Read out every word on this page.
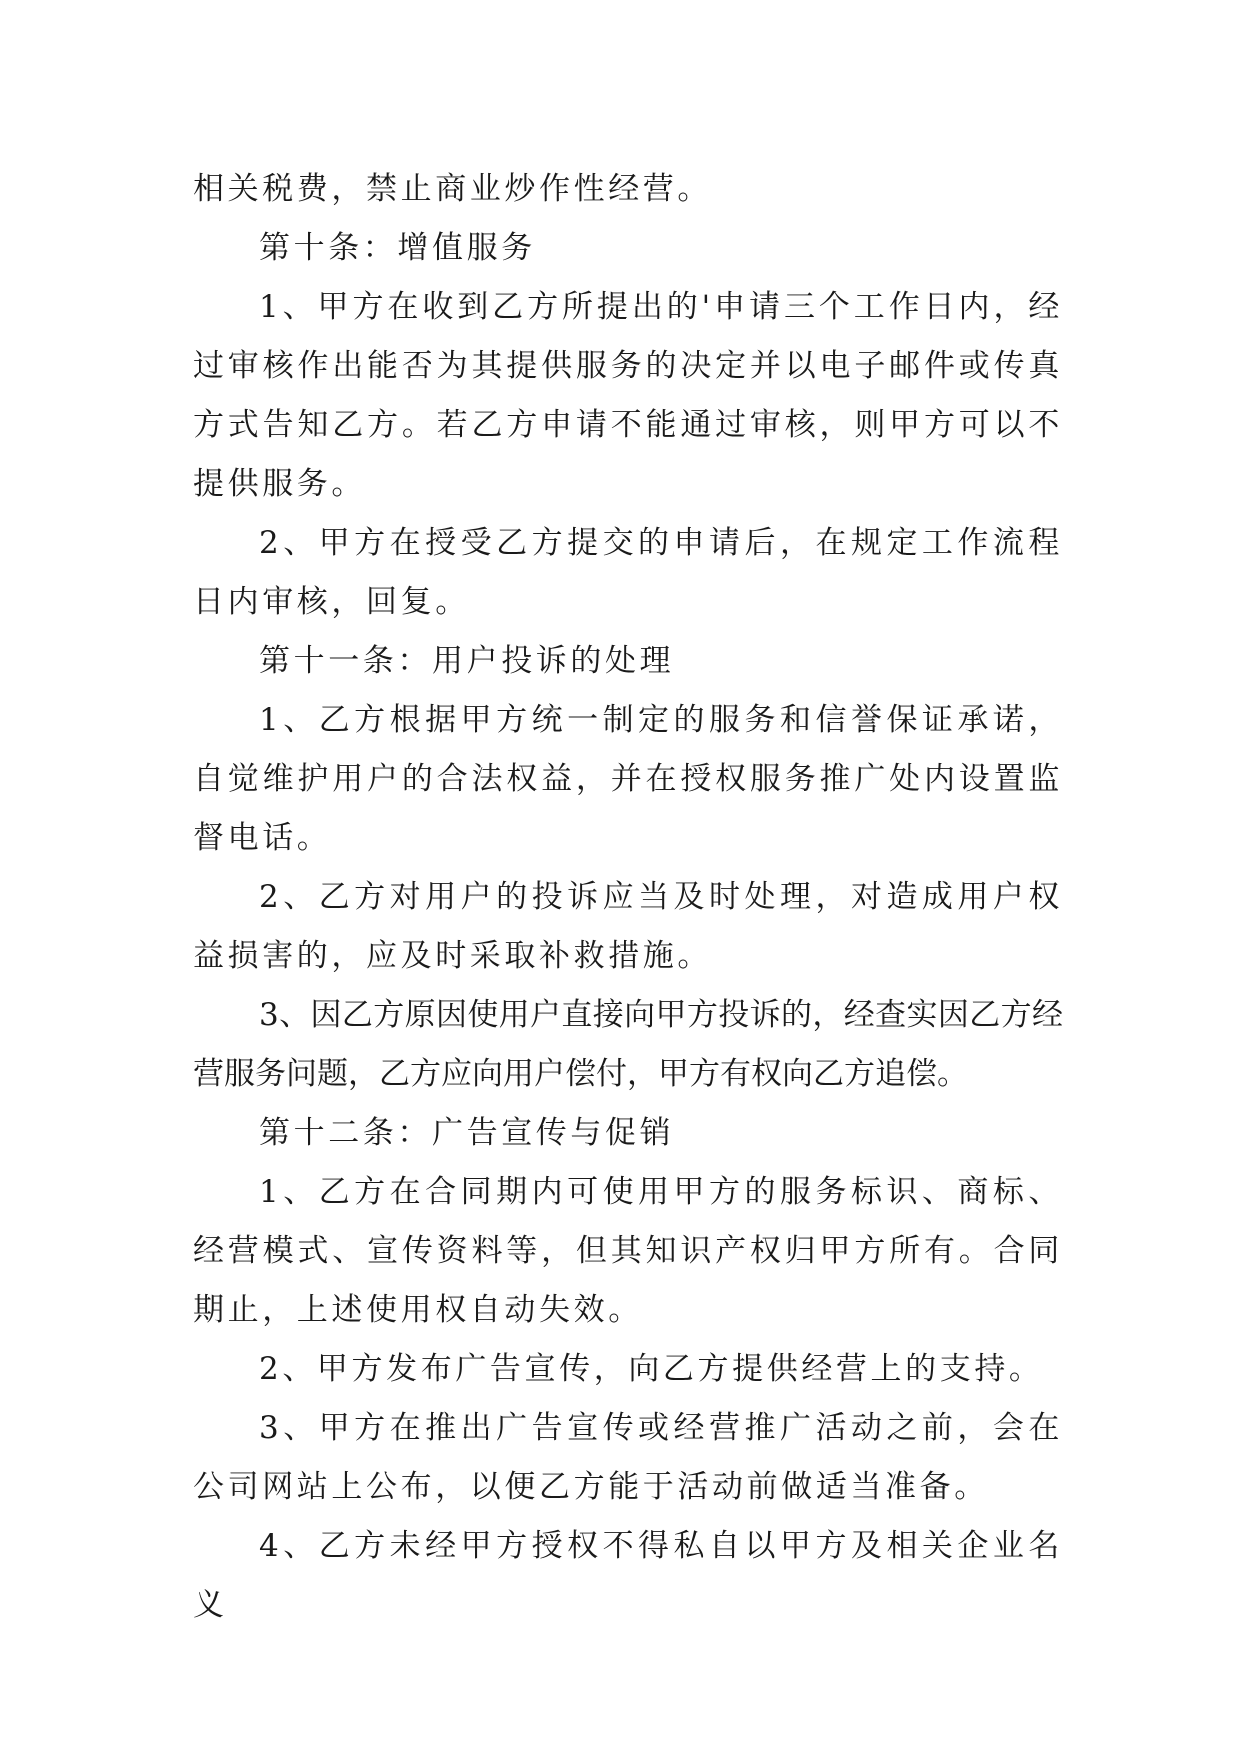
相关税费，禁止商业炒作性经营。

第十条：增值服务

1、甲方在收到乙方所提出的'申请三个工作日内，经过审核作出能否为其提供服务的决定并以电子邮件或传真方式告知乙方。若乙方申请不能通过审核，则甲方可以不提供服务。

2、甲方在授受乙方提交的申请后，在规定工作流程日内审核，回复。

第十一条：用户投诉的处理

1、乙方根据甲方统一制定的服务和信誉保证承诺，自觉维护用户的合法权益，并在授权服务推广处内设置监督电话。

2、乙方对用户的投诉应当及时处理，对造成用户权益损害的，应及时采取补救措施。

3、因乙方原因使用户直接向甲方投诉的，经查实因乙方经营服务问题，乙方应向用户偿付，甲方有权向乙方追偿。

第十二条：广告宣传与促销

1、乙方在合同期内可使用甲方的服务标识、商标、经营模式、宣传资料等，但其知识产权归甲方所有。合同期止，上述使用权自动失效。

2、甲方发布广告宣传，向乙方提供经营上的支持。

3、甲方在推出广告宣传或经营推广活动之前，会在公司网站上公布，以便乙方能于活动前做适当准备。

4、乙方未经甲方授权不得私自以甲方及相关企业名义
